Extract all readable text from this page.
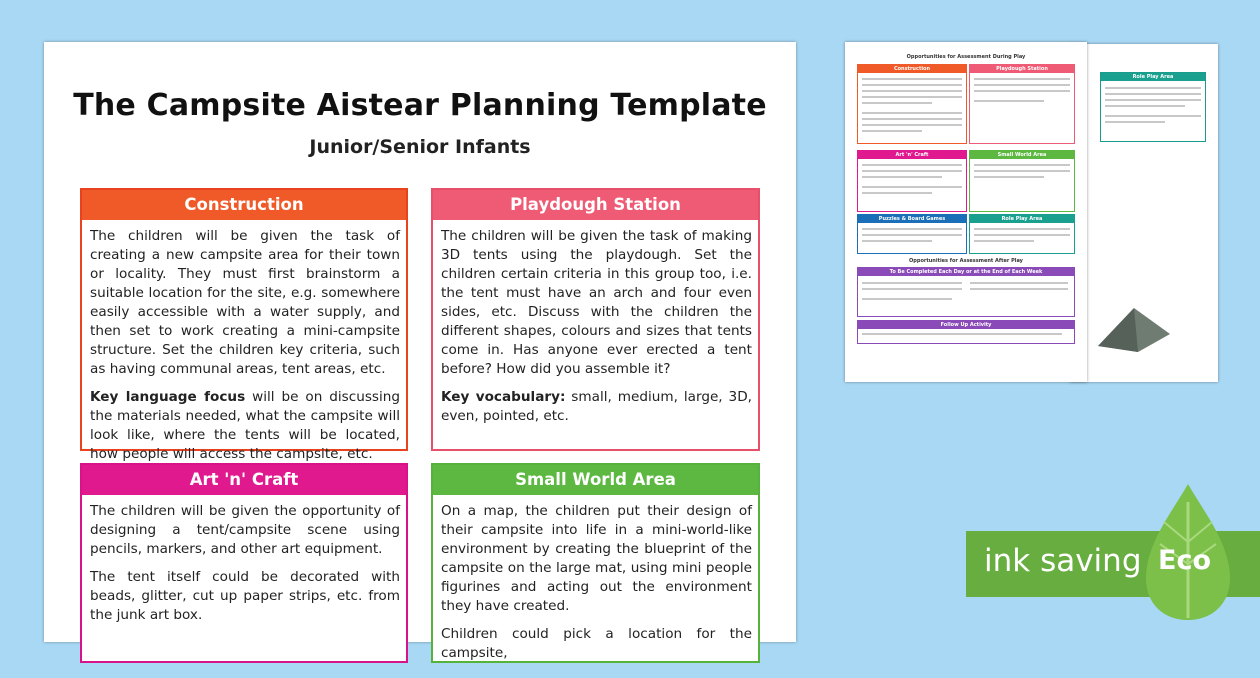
The Campsite Aistear Planning Template
Junior/Senior Infants
Construction

The children will be given the task of creating a new campsite area for their town or locality. They must first brainstorm a suitable location for the site, e.g. somewhere easily accessible with a water supply, and then set to work creating a mini-campsite structure. Set the children key criteria, such as having communal areas, tent areas, etc.

Key language focus will be on discussing the materials needed, what the campsite will look like, where the tents will be located, how people will access the campsite, etc.

Playdough Station

The children will be given the task of making 3D tents using the playdough. Set the children certain criteria in this group too, i.e. the tent must have an arch and four even sides, etc. Discuss with the children the different shapes, colours and sizes that tents come in. Has anyone ever erected a tent before? How did you assemble it?

Key vocabulary: small, medium, large, 3D, even, pointed, etc.

Art 'n' Craft

The children will be given the opportunity of designing a tent/campsite scene using pencils, markers, and other art equipment.

The tent itself could be decorated with beads, glitter, cut up paper strips, etc. from the junk art box.

Small World Area

On a map, the children put their design of their campsite into life in a mini-world-like environment by creating the blueprint of the campsite on the large mat, using mini people figurines and acting out the environment they have created.

Children could pick a location for the campsite,

Role Play Area
Opportunities for Assessment During Play
Construction	Playdough Station
Art 'n' Craft	Small World Area
Puzzles & Board Games	Role Play Area
Opportunities for Assessment After Play
To Be Completed Each Day or at the End of Each Week
Follow Up Activity
ink saving Eco
